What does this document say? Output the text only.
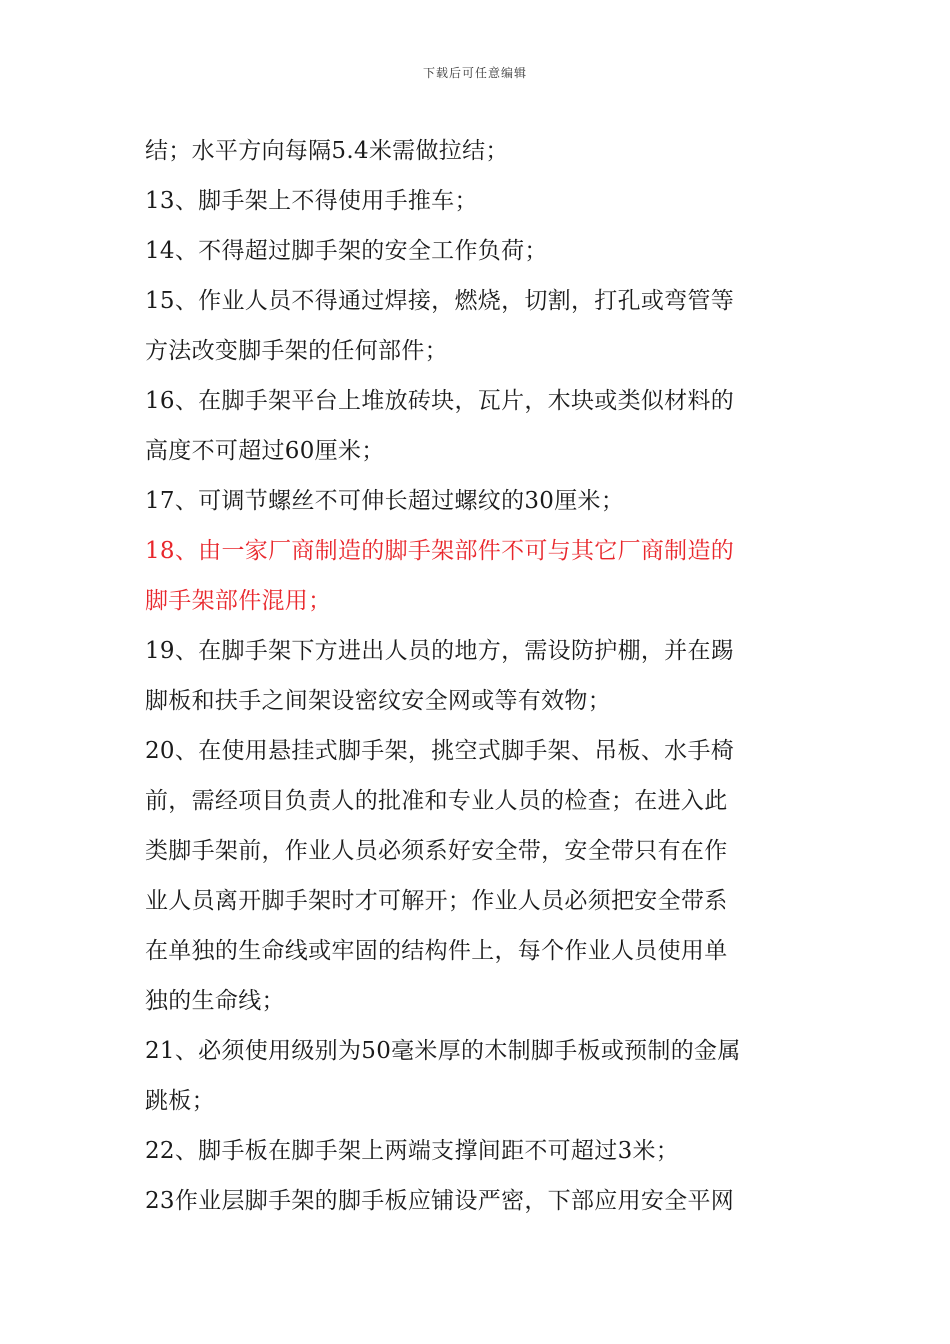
下载后可任意编辑
结；水平方向每隔5.4米需做拉结；
13、脚手架上不得使用手推车；
14、不得超过脚手架的安全工作负荷；
15、作业人员不得通过焊接，燃烧，切割，打孔或弯管等
方法改变脚手架的任何部件；
16、在脚手架平台上堆放砖块，瓦片，木块或类似材料的
高度不可超过60厘米；
17、可调节螺丝不可伸长超过螺纹的30厘米；
18、由一家厂商制造的脚手架部件不可与其它厂商制造的
脚手架部件混用；
19、在脚手架下方进出人员的地方，需设防护棚，并在踢
脚板和扶手之间架设密纹安全网或等有效物；
20、在使用悬挂式脚手架，挑空式脚手架、吊板、水手椅
前，需经项目负责人的批准和专业人员的检查；在进入此
类脚手架前，作业人员必须系好安全带，安全带只有在作
业人员离开脚手架时才可解开；作业人员必须把安全带系
在单独的生命线或牢固的结构件上，每个作业人员使用单
独的生命线；
21、必须使用级别为50毫米厚的木制脚手板或预制的金属
跳板；
22、脚手板在脚手架上两端支撑间距不可超过3米；
23作业层脚手架的脚手板应铺设严密，下部应用安全平网
